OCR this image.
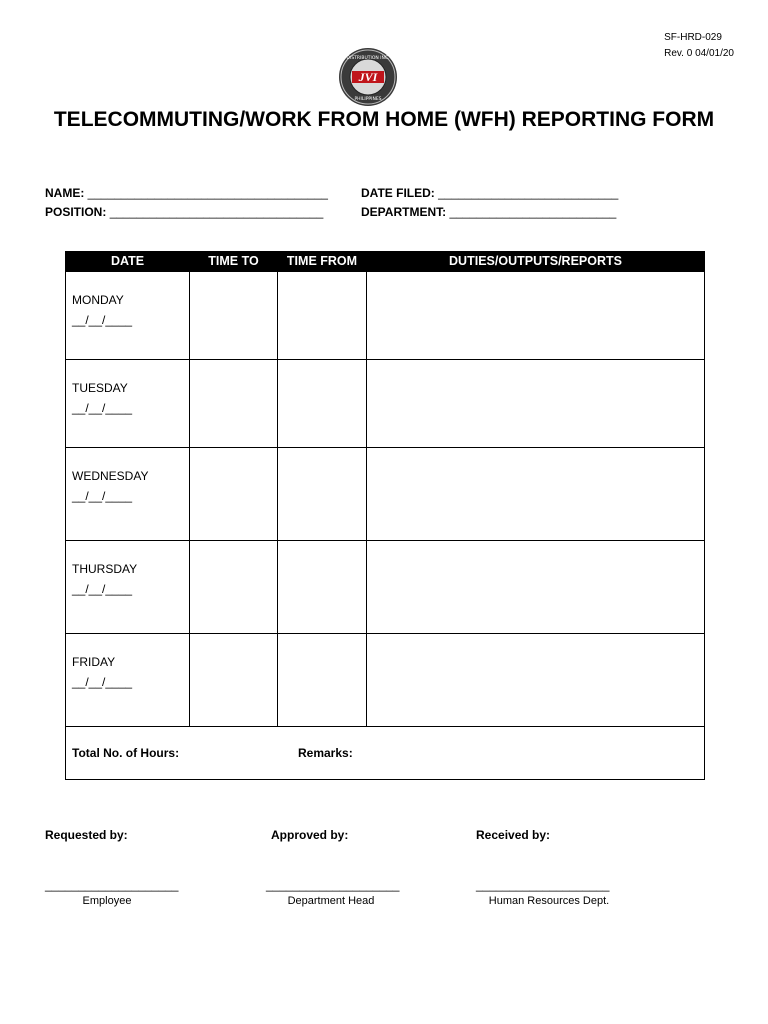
SF-HRD-029
Rev. 0 04/01/20
JVI
DISTRIBUTION INC.
PHILIPPINES
TELECOMMUTING/WORK FROM HOME (WFH) REPORTING FORM
NAME: ____________________________________
POSITION: ________________________________
DATE FILED: ___________________________
DEPARTMENT: _________________________
DATE	TIME TO	TIME FROM	DUTIES/OUTPUTS/REPORTS

MONDAY
__/__/____			

TUESDAY
__/__/____			

WEDNESDAY
__/__/____			

THURSDAY
__/__/____			

FRIDAY
__/__/____			

Total No. of Hours: Remarks:			
Requested by:	Approved by:	Received by:
____________________	____________________	____________________
Employee	Department Head	Human Resources Dept.
